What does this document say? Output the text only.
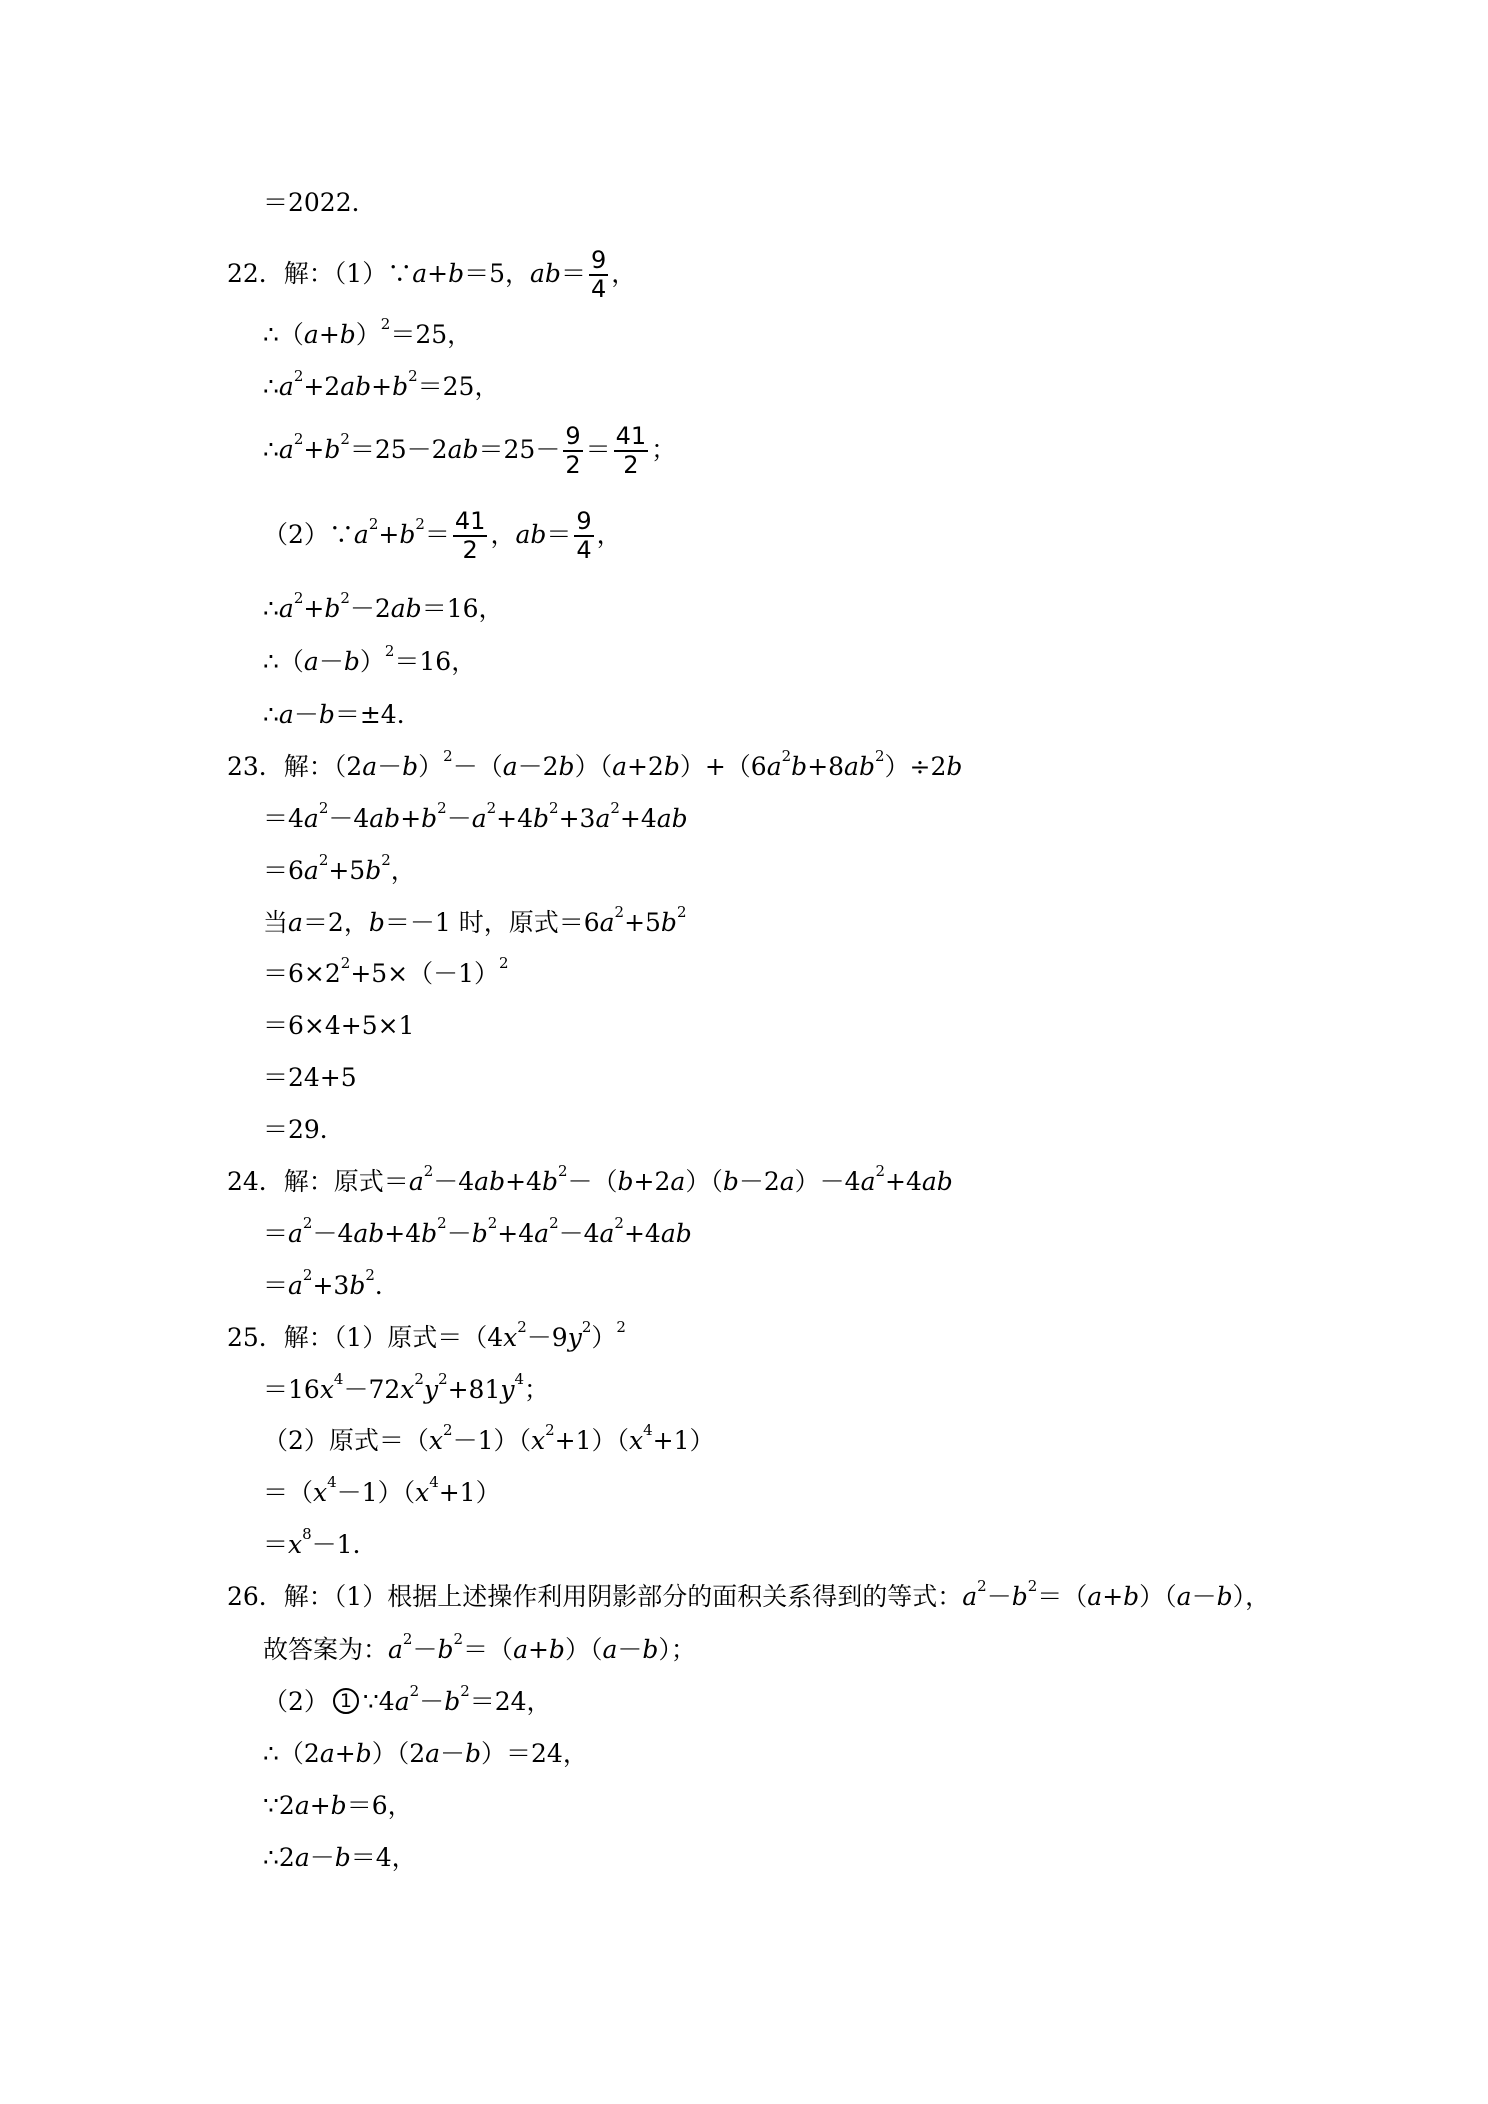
＝2022．
22．解：（1）∵ a + b ＝5 ， ab ＝ $\frac{9}{4}$ ，
∴（ a + b ）$^2$ ＝25，
∴ $a^2 +2$ ab + $b^2 =25$，
∴ $a^2 + b^2 =25-2$ ab $=25- \frac{9}{2} = \frac{41}{2}$ ；
（2）∵ $a^2 + b^2 = \frac{41}{2}$ ， ab ＝ $\frac{9}{4}$ ，
∴ $a^2 + b^2 -2$ ab ＝16，
∴（ a － b ）$^2$ ＝16，
∴ a － b ＝±4．
23．解：（2 a － b ）$^2$ －（ a －2 b ）（ a +2 b ）+（6 $a^2$ b +8 $ab^2$ ）÷2 b
＝4 $a^2 -4$ ab + $b^2 - a^2 +4$ $b^2 +3$ $a^2 +4$ ab
＝6 $a^2 +5$ $b^2$ ，
当 a ＝2， b ＝－1 时，原式＝6 $a^2 +5$ $b^2$
$=6\times 2^2 +5\times(-1)^2$
＝6×4+5×1
＝24+5
＝29．
24．解：原式＝ $a^2 -4$ ab +4 $b^2$ －（ b +2 a ）（ b －2 a ）－4 $a^2 +4$ ab
＝ $a^2 -4$ ab +4 $b^2 - b^2 +4$ $a^2 -4$ $a^2 +4$ ab
＝ $a^2 +3$ $b^2$ ．
25．解：（1）原式＝（4 $x^2 -9$ $y^2$ ）$^2$
＝16 $x^4 -72$ $x^2$ $y^2 +81$ $y^4$ ；
（2）原式＝（ $x^2 -1$）（ $x^2 +1$）（ $x^4 +1$）
＝（ $x^4 -1$）（ $x^4 +1$）
＝ $x^8 -1$．
26．解：（1）根据上述操作利用阴影部分的面积关系得到的等式： $a^2 - b^2$ ＝（ a + b ）（ a － b ），
故答案为： $a^2 - b^2$ ＝（ a + b ）（ a － b ）；
（2） 1 ∵4 $a^2 - b^2 =24$，
∴（2 a + b ）（2 a － b ）＝24，
∵2 a + b ＝6，
∴2 a － b ＝4，
